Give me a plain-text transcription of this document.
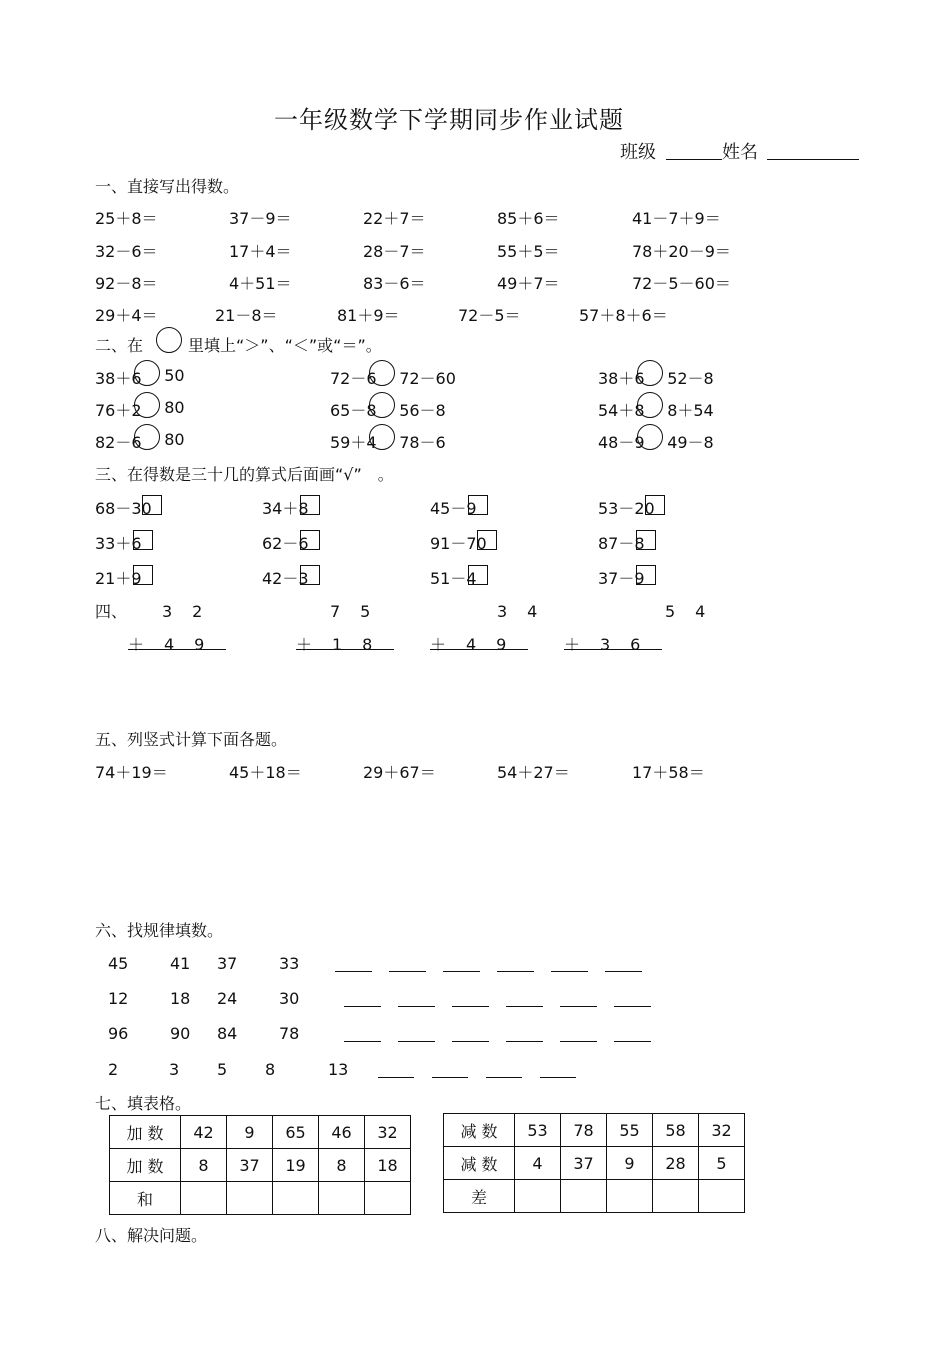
一年级数学下学期同步作业试题
班级	姓名
一、直接写出得数。
25＋8＝	37－9＝	22＋7＝	85＋6＝	41－7＋9＝
32－6＝	17＋4＝	28－7＝	55＋5＝	78＋20－9＝
92－8＝	4＋51＝	83－6＝	49＋7＝	72－5－60＝
29＋4＝	21－8＝	81＋9＝	72－5＝	57＋8＋6＝
二、在	里填上“＞”、“＜”或“＝”。
38＋6 50	72－6 72－60	38＋6 52－8
76＋2 80	65－8 56－8	54＋8 8＋54
82－6 80	59＋4 78－6	48－9 49－8
三、在得数是三十几的算式后面画“√”　。
68－30	34＋8	45－9	53－20
33＋6	62－6	91－70	87－8
21＋9	42－3	51－4	37－9
四、 3　2
＋　4　9
7　5
＋　1　8
3　4
＋　4　9
5　4
＋　3　6
五、列竖式计算下面各题。
74＋19＝	45＋18＝	29＋67＝	54＋27＝	17＋58＝
六、找规律填数。
45	41 37	33
12	18 24	30
96	90 84	78
2	3 5 8	13
七、填表格。
加 数	42	9	65	46	32
加 数	8	37	19	8	18
和					
减 数	53	78	55	58	32
减 数	4	37	9	28	5
差					
八、解决问题。
